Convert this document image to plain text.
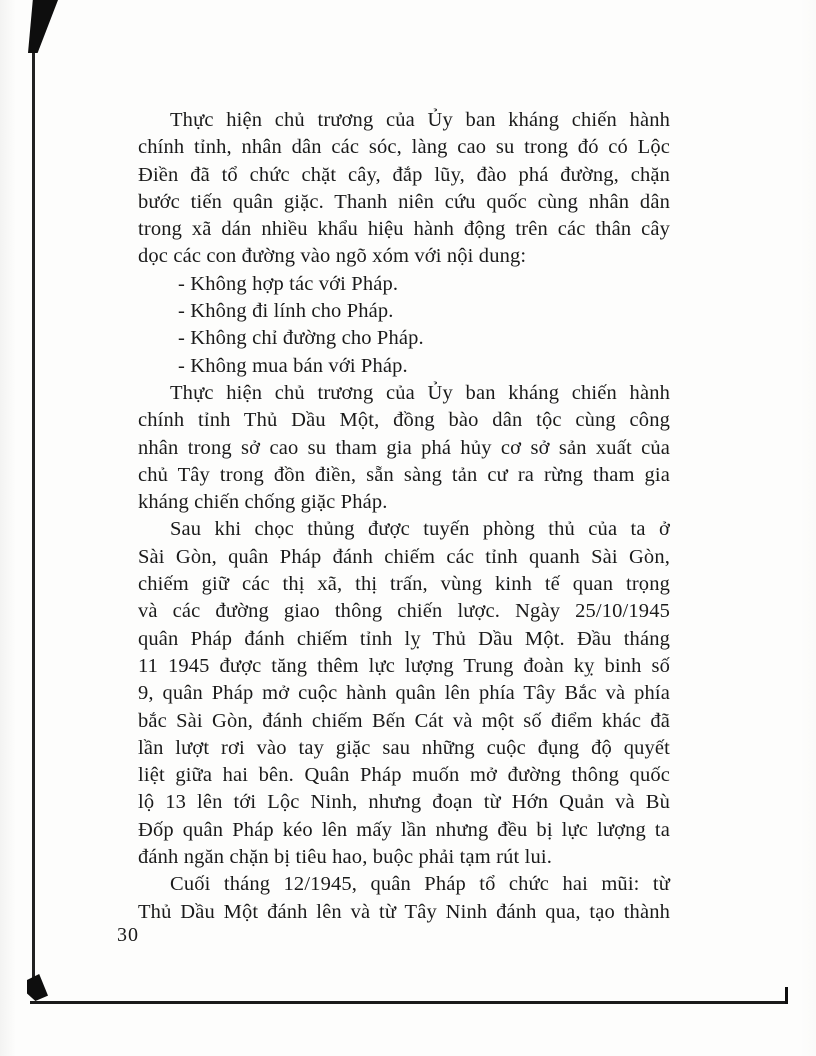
Thực hiện chủ trương của Ủy ban kháng chiến hành
chính tỉnh, nhân dân các sóc, làng cao su trong đó có Lộc
Điền đã tổ chức chặt cây, đắp lũy, đào phá đường, chặn
bước tiến quân giặc. Thanh niên cứu quốc cùng nhân dân
trong xã dán nhiều khẩu hiệu hành động trên các thân cây
dọc các con đường vào ngõ xóm với nội dung:
- Không hợp tác với Pháp.
- Không đi lính cho Pháp.
- Không chỉ đường cho Pháp.
- Không mua bán với Pháp.
Thực hiện chủ trương của Ủy ban kháng chiến hành
chính tỉnh Thủ Dầu Một, đồng bào dân tộc cùng công
nhân trong sở cao su tham gia phá hủy cơ sở sản xuất của
chủ Tây trong đồn điền, sẵn sàng tản cư ra rừng tham gia
kháng chiến chống giặc Pháp.
Sau khi chọc thủng được tuyến phòng thủ của ta ở
Sài Gòn, quân Pháp đánh chiếm các tỉnh quanh Sài Gòn,
chiếm giữ các thị xã, thị trấn, vùng kinh tế quan trọng
và các đường giao thông chiến lược. Ngày 25/10/1945
quân Pháp đánh chiếm tỉnh lỵ Thủ Dầu Một. Đầu tháng
11 1945 được tăng thêm lực lượng Trung đoàn kỵ binh số
9, quân Pháp mở cuộc hành quân lên phía Tây Bắc và phía
bắc Sài Gòn, đánh chiếm Bến Cát và một số điểm khác đã
lần lượt rơi vào tay giặc sau những cuộc đụng độ quyết
liệt giữa hai bên. Quân Pháp muốn mở đường thông quốc
lộ 13 lên tới Lộc Ninh, nhưng đoạn từ Hớn Quản và Bù
Đốp quân Pháp kéo lên mấy lần nhưng đều bị lực lượng ta
đánh ngăn chặn bị tiêu hao, buộc phải tạm rút lui.
Cuối tháng 12/1945, quân Pháp tổ chức hai mũi: từ
Thủ Dầu Một đánh lên và từ Tây Ninh đánh qua, tạo thành
30
